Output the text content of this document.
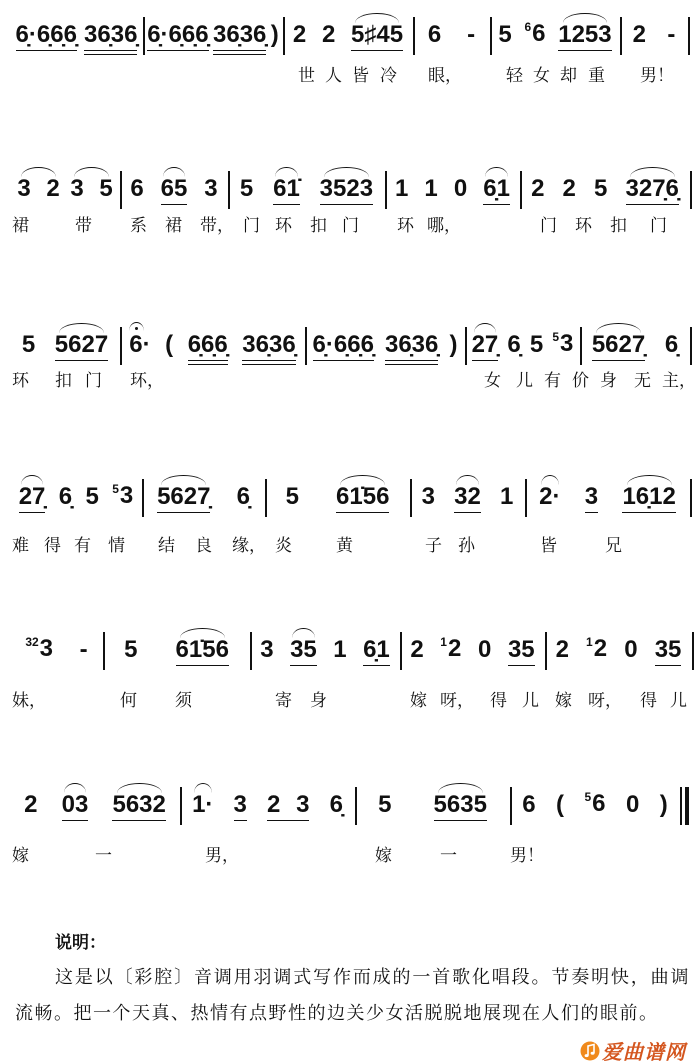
6̣·6̣6̣6̣ 36̣36̣ 6̣·6̣6̣6̣ 36̣36̣ ) 2 2 5♯45 6 - 5 $^6$6 1253 2 -
世 人 皆 冷 眼，	轻 女 却 重 男！
3 2 3 5 6 65 3 5 61̇ 3523 1 1 0 6̣1 2 2 5 327̣6̣
裙	带 系 裙 带， 门 环 扣 门 环 哪，	门 环 扣 门
5 5627 6· ( 6̣6̣6̣ 36̣36̣ 6̣·6̣6̣6̣ 36̣36̣ ) 27̣ 6̣ 5 $^5$3 5627̣ 6̣
环 扣 门 环，	女 儿 有 价 身 无 主，
27̣ 6̣ 5 $^5$3 5627̣ 6̣ 5 61̇56 3 32 1 2· 3 16̣12
难 得 有 情 结 良 缘， 炎	黄	子 孙	皆	兄
$^{32}$3 - 5 61̇56 3 35 1 6̣1 2 $^1$2 0 35 2 $^1$2 0 35
妹，	何 须	寄 身	嫁 呀， 得 儿 嫁 呀， 得 儿
2 03 5632 1· 3 2 3 6̣ 5 5635 6 ( $^5$6 0 )
嫁	一	男，	嫁	一	男！
说明：

这是以〔彩腔〕音调用羽调式写作而成的一首歌化唱段。节奏明快，曲调流畅。把一个天真、热情有点野性的边关少女活脱脱地展现在人们的眼前。

爱曲谱网
